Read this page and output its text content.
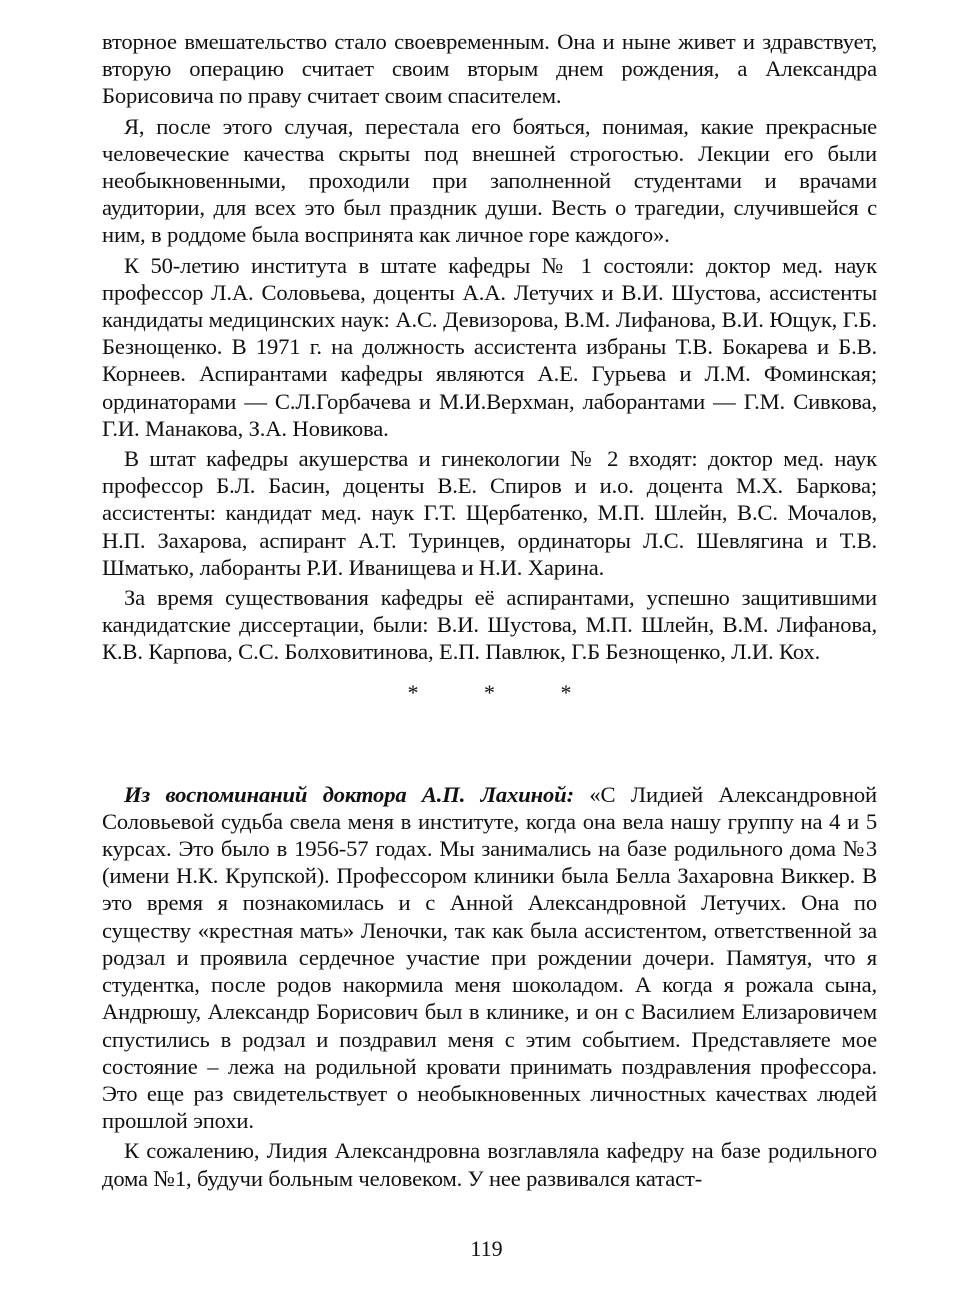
вторное вмешательство стало своевременным. Она и ныне живет и здравствует, вторую операцию считает своим вторым днем рождения, а Александра Борисовича по праву считает своим спасителем.

Я, после этого случая, перестала его бояться, понимая, какие прекрасные человеческие качества скрыты под внешней строгостью. Лекции его были необыкновенными, проходили при заполненной студентами и врачами аудитории, для всех это был праздник души. Весть о трагедии, случившейся с ним, в роддоме была воспринята как личное горе каждого».

К 50-летию института в штате кафедры № 1 состояли: доктор мед. наук профессор Л.А. Соловьева, доценты А.А. Летучих и В.И. Шустова, ассистенты кандидаты медицинских наук: А.С. Девизорова, В.М. Лифанова, В.И. Ющук, Г.Б. Безнощенко. В 1971 г. на должность ассистента избраны Т.В. Бокарева и Б.В. Корнеев. Аспирантами кафедры являются А.Е. Гурьева и Л.М. Фоминская; ординаторами — С.Л.Горбачева и М.И.Верхман, лаборантами — Г.М. Сивкова, Г.И. Манакова, З.А. Новикова.

В штат кафедры акушерства и гинекологии № 2 входят: доктор мед. наук профессор Б.Л. Басин, доценты В.Е. Спиров и и.о. доцента М.Х. Баркова; ассистенты: кандидат мед. наук Г.Т. Щербатенко, М.П. Шлейн, В.С. Мочалов, Н.П. Захарова, аспирант А.Т. Туринцев, ординаторы Л.С. Шевлягина и Т.В. Шматько, лаборанты Р.И. Иванищева и Н.И. Харина.

За время существования кафедры её аспирантами, успешно защитившими кандидатские диссертации, были: В.И. Шустова, М.П. Шлейн, В.М. Лифанова, К.В. Карпова, С.С. Болховитинова, Е.П. Павлюк, Г.Б Безнощенко, Л.И. Кох.

* * *

Из воспоминаний доктора А.П. Лахиной: «С Лидией Александровной Соловьевой судьба свела меня в институте, когда она вела нашу группу на 4 и 5 курсах. Это было в 1956-57 годах. Мы занимались на базе родильного дома №3 (имени Н.К. Крупской). Профессором клиники была Белла Захаровна Виккер. В это время я познакомилась и с Анной Александровной Летучих. Она по существу «крестная мать» Леночки, так как была ассистентом, ответственной за родзал и проявила сердечное участие при рождении дочери. Памятуя, что я студентка, после родов накормила меня шоколадом. А когда я рожала сына, Андрюшу, Александр Борисович был в клинике, и он с Василием Елизаровичем спустились в родзал и поздравил меня с этим событием. Представляете мое состояние – лежа на родильной кровати принимать поздравления профессора. Это еще раз свидетельствует о необыкновенных личностных качествах людей прошлой эпохи.

К сожалению, Лидия Александровна возглавляла кафедру на базе родильного дома №1, будучи больным человеком. У нее развивался катаст-

119
